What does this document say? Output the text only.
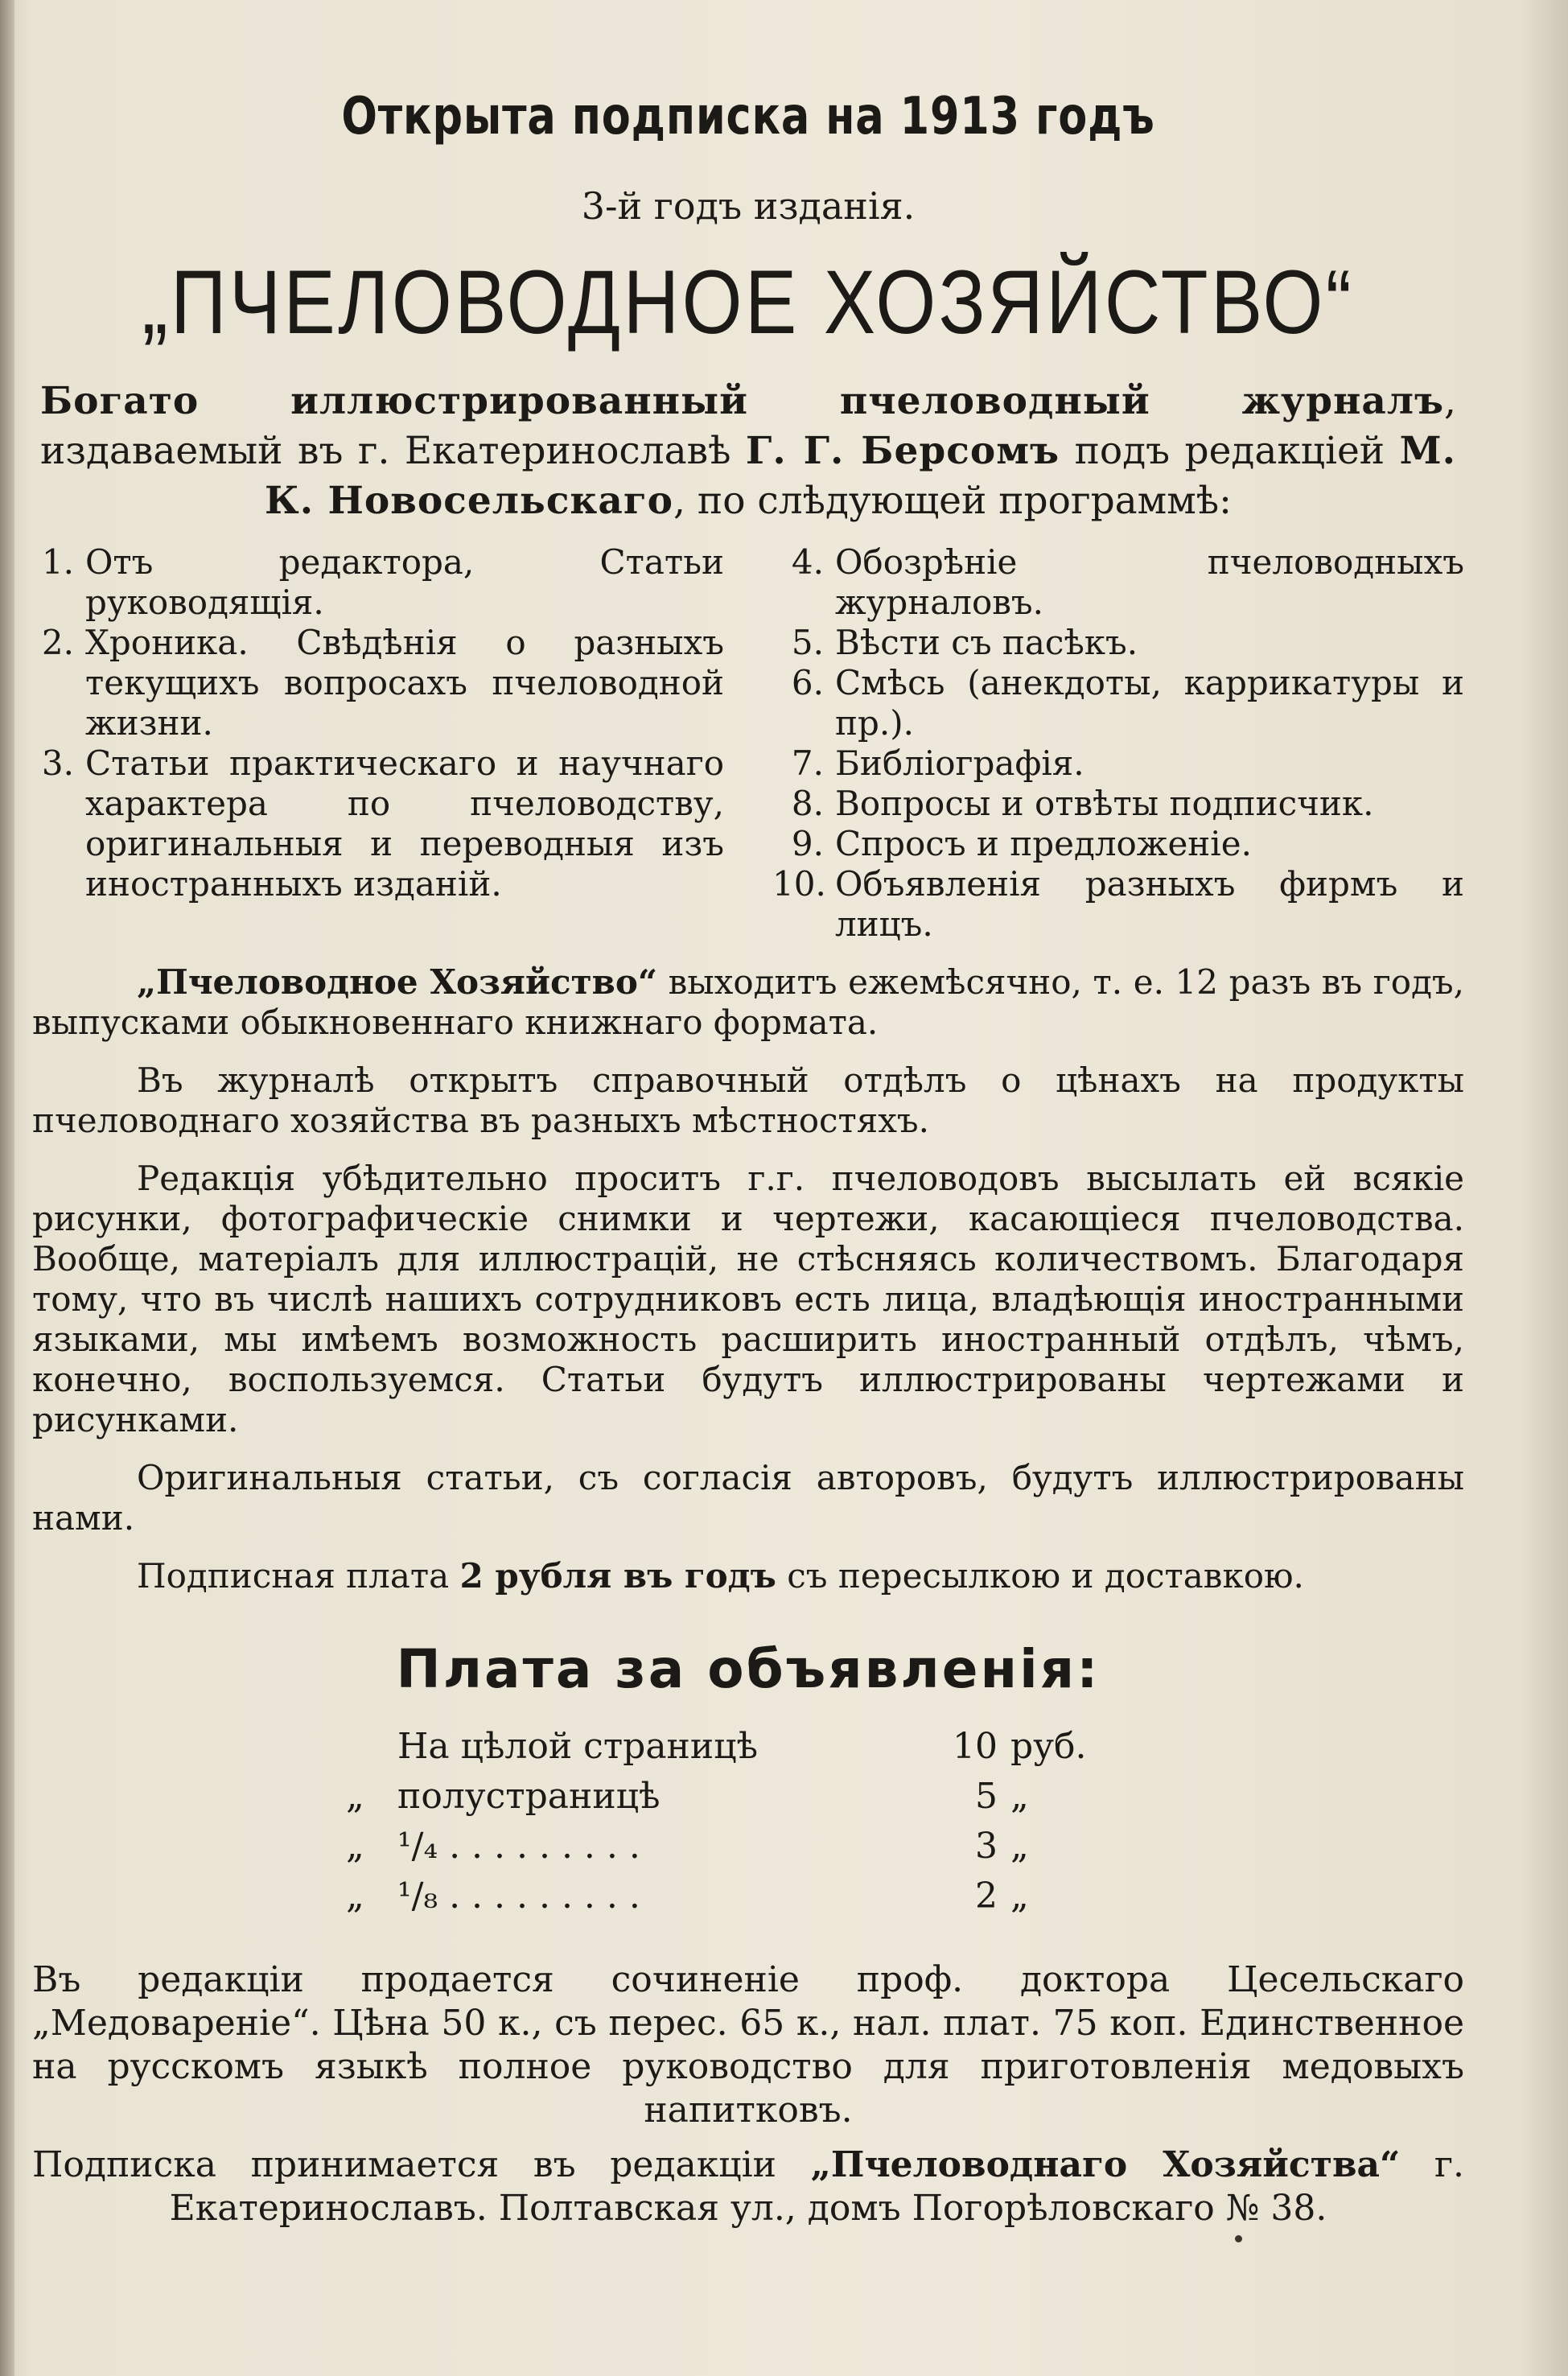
Открыта подписка на 1913 годъ
3-й годъ изданія.
„ПЧЕЛОВОДНОЕ ХОЗЯЙСТВО“
Богато иллюстрированный пчеловодный журналъ, издаваемый въ г. Екатеринославѣ Г. Г. Берсомъ подъ редакціей М. К. Новосельскаго, по слѣдующей программѣ:
1. Отъ редактора, Статьи руководящія.
2. Хроника. Свѣдѣнія о разныхъ текущихъ вопросахъ пчеловодной жизни.
3. Статьи практическаго и научнаго характера по пчеловодству, оригинальныя и переводныя изъ иностранныхъ изданій.
4. Обозрѣніе пчеловодныхъ журналовъ.
5. Вѣсти съ пасѣкъ.
6. Смѣсь (анекдоты, каррикатуры и пр.).
7. Библіографія.
8. Вопросы и отвѣты подписчик.
9. Спросъ и предложеніе.
10. Объявленія разныхъ фирмъ и лицъ.
„Пчеловодное Хозяйство“ выходитъ ежемѣсячно, т. е. 12 разъ въ годъ, выпусками обыкновеннаго книжнаго формата.
Въ журналѣ открытъ справочный отдѣлъ о цѣнахъ на продукты пчеловоднаго хозяйства въ разныхъ мѣстностяхъ.
Редакція убѣдительно проситъ г.г. пчеловодовъ высылать ей всякіе рисунки, фотографическіе снимки и чертежи, касающіеся пчеловодства. Вообще, матеріалъ для иллюстрацій, не стѣсняясь количествомъ. Благодаря тому, что въ числѣ нашихъ сотрудниковъ есть лица, владѣющія иностранными языками, мы имѣемъ возможность расширить иностранный отдѣлъ, чѣмъ, конечно, воспользуемся. Статьи будутъ иллюстрированы чертежами и рисунками.
Оригинальныя статьи, съ согласія авторовъ, будутъ иллюстрированы нами.
Подписная плата 2 рубля въ годъ съ пересылкою и доставкою.
Плата за объявленія:
На цѣлой страницѣ	10 руб.
„ полустраницѣ	5 „
„ ¹/₄ . . . . . . . . .	3 „
„ ¹/₈ . . . . . . . . .	2 „
Въ редакціи продается сочиненіе проф. доктора Цесельскаго „Медовареніе“. Цѣна 50 к., съ перес. 65 к., нал. плат. 75 коп. Единственное на русскомъ языкѣ полное руководство для приготовленія медовыхъ напитковъ.
Подписка принимается въ редакціи „Пчеловоднаго Хозяйства“ г. Екатеринославъ. Полтавская ул., домъ Погорѣловскаго № 38.
